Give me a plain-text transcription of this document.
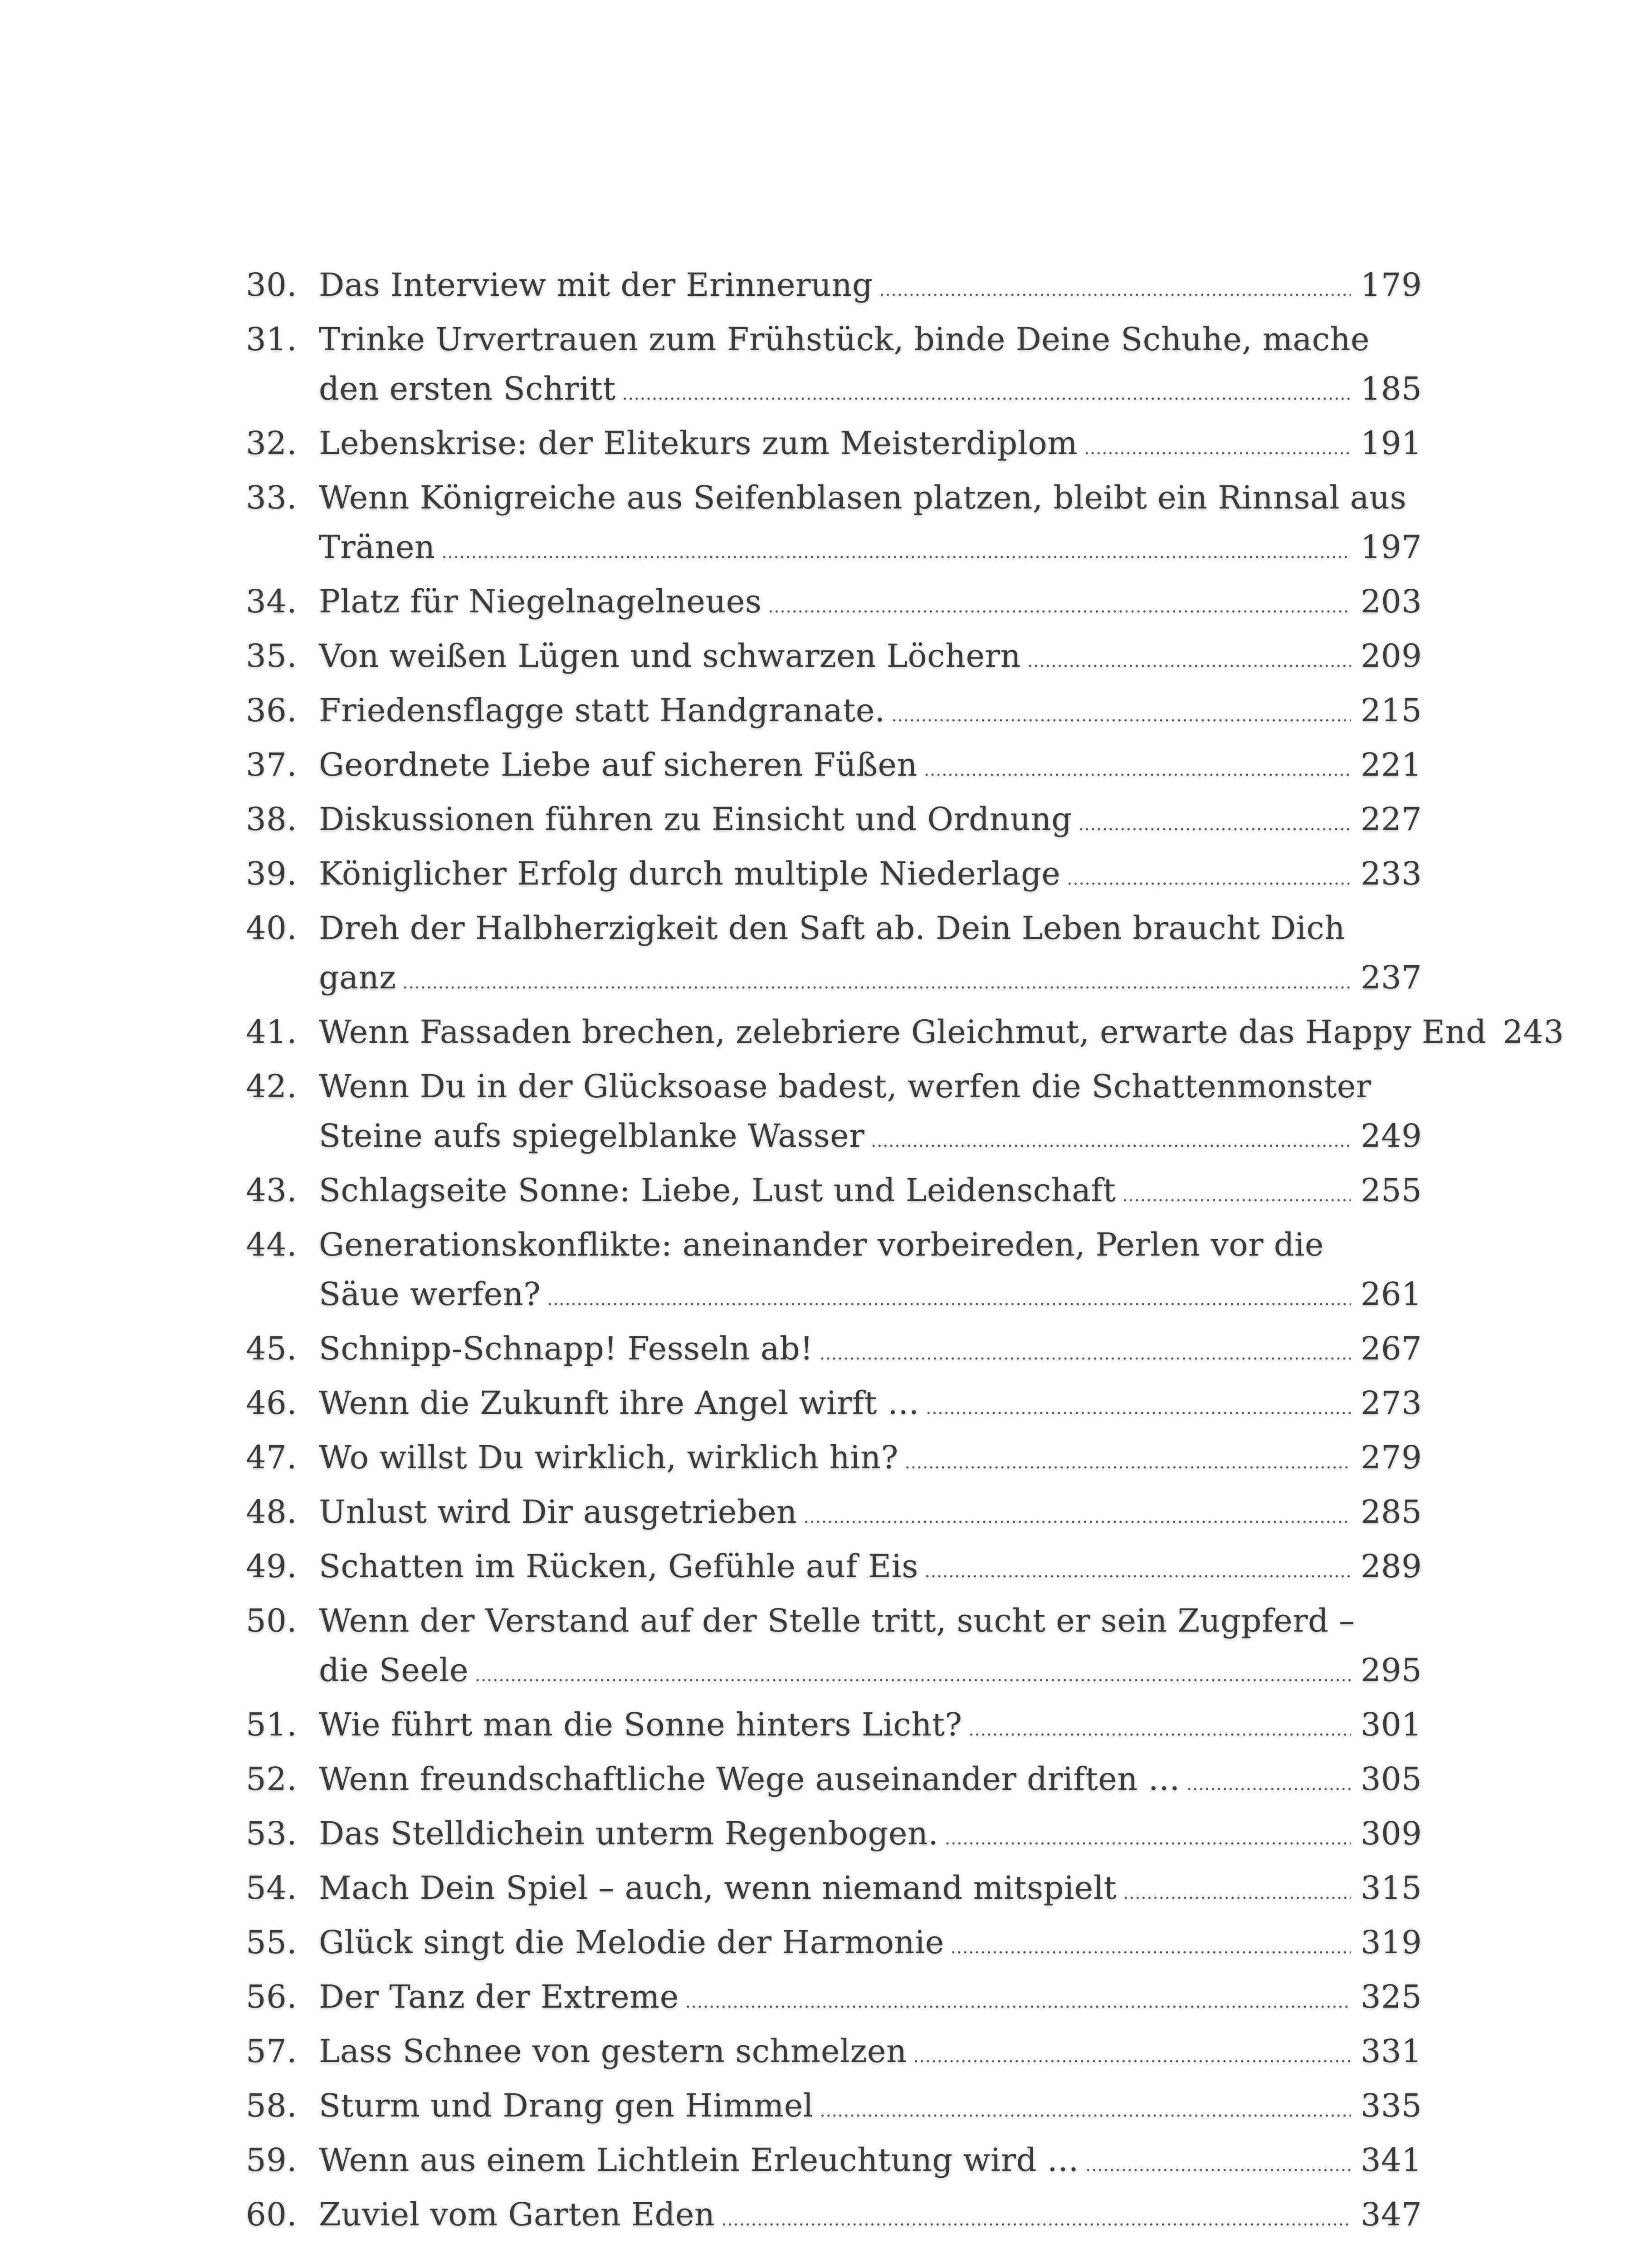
30. Das Interview mit der Erinnerung .....	179
31. Trinke Urvertrauen zum Frühstück, binde Deine Schuhe, mache
den ersten Schritt .....	185
32. Lebenskrise: der Elitekurs zum Meisterdiplom .....	191
33. Wenn Königreiche aus Seifenblasen platzen, bleibt ein Rinnsal aus
Tränen .....	197
34. Platz für Niegelnagelneues .....	203
35. Von weißen Lügen und schwarzen Löchern .....	209
36. Friedensflagge statt Handgranate. .....	215
37. Geordnete Liebe auf sicheren Füßen .....	221
38. Diskussionen führen zu Einsicht und Ordnung .....	227
39. Königlicher Erfolg durch multiple Niederlage .....	233
40. Dreh der Halbherzigkeit den Saft ab. Dein Leben braucht Dich
ganz .....	237
41. Wenn Fassaden brechen, zelebriere Gleichmut, erwarte das Happy End 243
42. Wenn Du in der Glücksoase badest, werfen die Schattenmonster
Steine aufs spiegelblanke Wasser .....	249
43. Schlagseite Sonne: Liebe, Lust und Leidenschaft .....	255
44. Generationskonflikte: aneinander vorbeireden, Perlen vor die
Säue werfen? .....	261
45. Schnipp-Schnapp! Fesseln ab! .....	267
46. Wenn die Zukunft ihre Angel wirft … .....	273
47. Wo willst Du wirklich, wirklich hin? .....	279
48. Unlust wird Dir ausgetrieben .....	285
49. Schatten im Rücken, Gefühle auf Eis .....	289
50. Wenn der Verstand auf der Stelle tritt, sucht er sein Zugpferd –
die Seele .....	295
51. Wie führt man die Sonne hinters Licht? .....	301
52. Wenn freundschaftliche Wege auseinander driften … .....	305
53. Das Stelldichein unterm Regenbogen. .....	309
54. Mach Dein Spiel – auch, wenn niemand mitspielt .....	315
55. Glück singt die Melodie der Harmonie .....	319
56. Der Tanz der Extreme .....	325
57. Lass Schnee von gestern schmelzen .....	331
58. Sturm und Drang gen Himmel .....	335
59. Wenn aus einem Lichtlein Erleuchtung wird … .....	341
60. Zuviel vom Garten Eden .....	347
